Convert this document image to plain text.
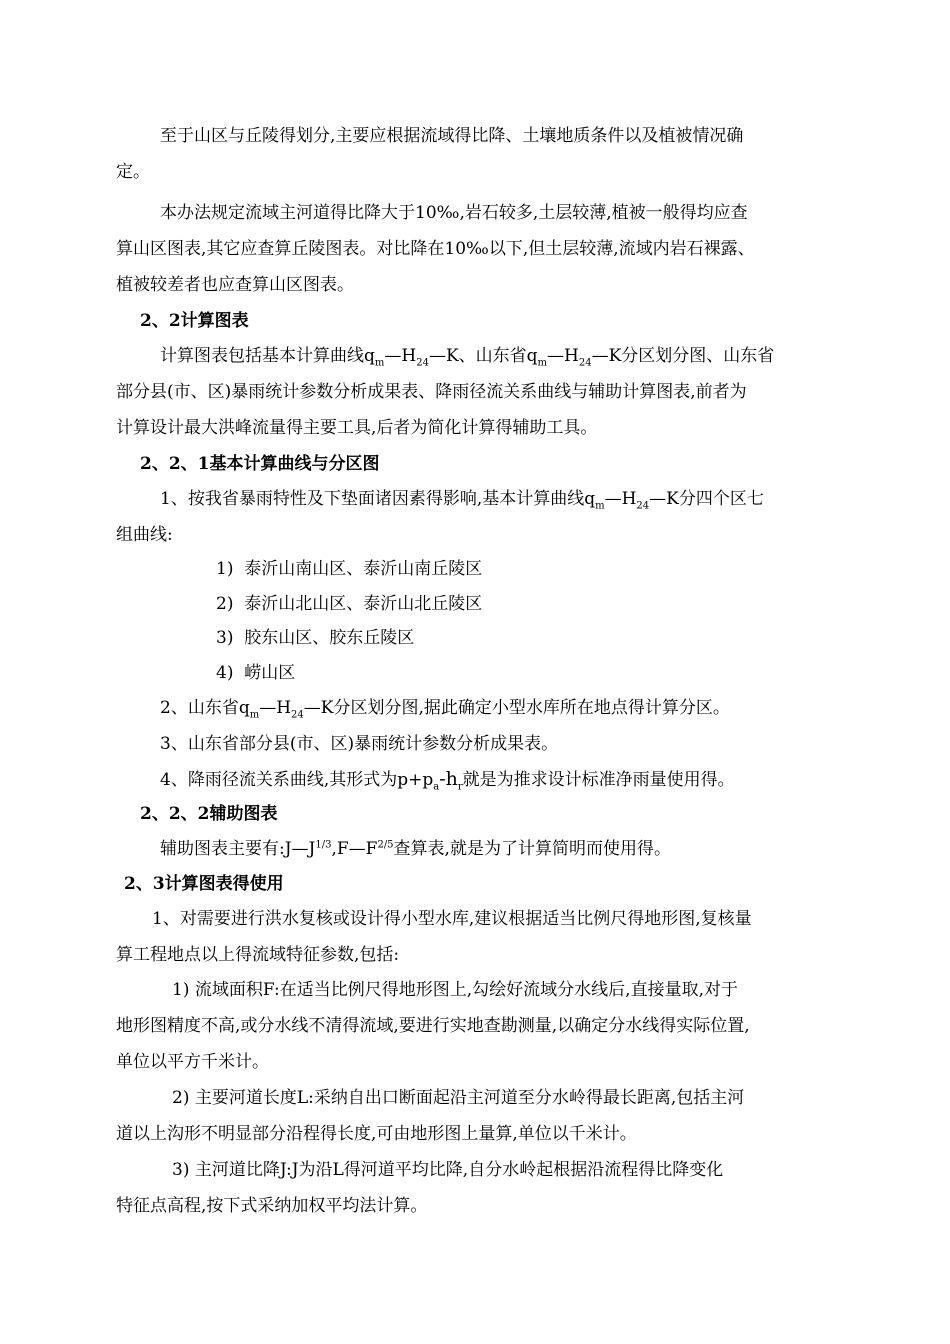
至于山区与丘陵得划分,主要应根据流域得比降、土壤地质条件以及植被情况确
定。
本办法规定流域主河道得比降大于10‰,岩石较多,土层较薄,植被一般得均应查
算山区图表,其它应查算丘陵图表。对比降在10‰以下,但土层较薄,流域内岩石裸露、
植被较差者也应查算山区图表。
2、2计算图表
计算图表包括基本计算曲线$q_m—H_{24}—K$、山东省$q_m—H_{24}—K$分区划分图、山东省
部分县(市、区)暴雨统计参数分析成果表、降雨径流关系曲线与辅助计算图表,前者为
计算设计最大洪峰流量得主要工具,后者为简化计算得辅助工具。
2、2、1基本计算曲线与分区图
1、按我省暴雨特性及下垫面诸因素得影响,基本计算曲线$q_m—H_{24}—K$分四个区七
组曲线:
1) 泰沂山南山区、泰沂山南丘陵区
2) 泰沂山北山区、泰沂山北丘陵区
3) 胶东山区、胶东丘陵区
4) 崂山区
2、山东省$q_m—H_{24}—K$分区划分图,据此确定小型水库所在地点得计算分区。
3、山东省部分县(市、区)暴雨统计参数分析成果表。
4、降雨径流关系曲线,其形式为$p+p_a-h_r$就是为推求设计标准净雨量使用得。
2、2、2辅助图表
辅助图表主要有$:J—J^{1/3},F—F^{2/5}$查算表,就是为了计算简明而使用得。
2、3计算图表得使用
1、对需要进行洪水复核或设计得小型水库,建议根据适当比例尺得地形图,复核量
算工程地点以上得流域特征参数,包括:
1) 流域面积F:在适当比例尺得地形图上,勾绘好流域分水线后,直接量取,对于
地形图精度不高,或分水线不清得流域,要进行实地查勘测量,以确定分水线得实际位置,
单位以平方千米计。
2) 主要河道长度L:采纳自出口断面起沿主河道至分水岭得最长距离,包括主河
道以上沟形不明显部分沿程得长度,可由地形图上量算,单位以千米计。
3) 主河道比降J:J为沿L得河道平均比降,自分水岭起根据沿流程得比降变化
特征点高程,按下式采纳加权平均法计算。
